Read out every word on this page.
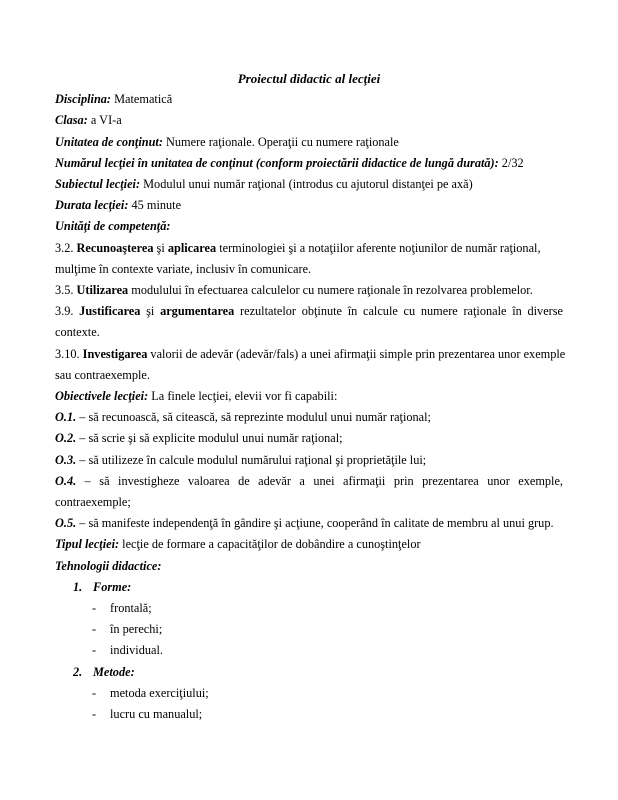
Proiectul didactic al lecţiei

Disciplina: Matematică

Clasa: a VI-a

Unitatea de conţinut: Numere raţionale. Operaţii cu numere raţionale

Numărul lecţiei în unitatea de conţinut (conform proiectării didactice de lungă durată): 2/32

Subiectul lecţiei: Modulul unui număr raţional (introdus cu ajutorul distanţei pe axă)

Durata lecţiei: 45 minute

Unităţi de competenţă:

3.2. Recunoaşterea şi aplicarea terminologiei şi a notaţiilor aferente noţiunilor de număr raţional,

mulţime în contexte variate, inclusiv în comunicare.

3.5. Utilizarea modulului în efectuarea calculelor cu numere raţionale în rezolvarea problemelor.

3.9. Justificarea şi argumentarea rezultatelor obţinute în calcule cu numere raţionale în diverse

contexte.

3.10. Investigarea valorii de adevăr (adevăr/fals) a unei afirmaţii simple prin prezentarea unor exemple

sau contraexemple.

Obiectivele lecţiei: La finele lecţiei, elevii vor fi capabili:

O.1. – să recunoască, să citească, să reprezinte modulul unui număr raţional;

O.2. – să scrie şi să explicite modulul unui număr raţional;

O.3. – să utilizeze în calcule modulul numărului raţional şi proprietăţile lui;

O.4. – să investigheze valoarea de adevăr a unei afirmaţii prin prezentarea unor exemple,

contraexemple;

O.5. – să manifeste independenţă în gândire şi acţiune, cooperând în calitate de membru al unui grup.

Tipul lecţiei: lecţie de formare a capacităţilor de dobândire a cunoştinţelor

Tehnologii didactice:

1. Forme:

- frontală;

- în perechi;

- individual.

2. Metode:

- metoda exerciţiului;

- lucru cu manualul;
